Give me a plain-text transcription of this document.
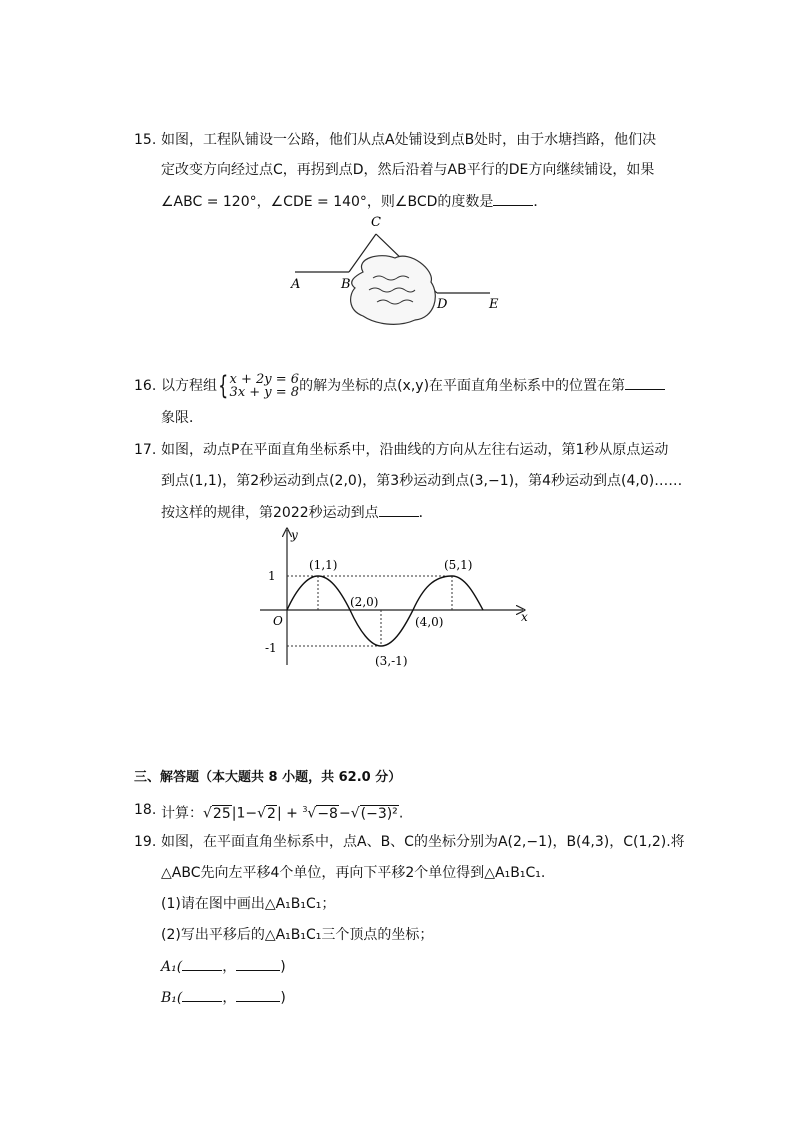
15. 如图，工程队铺设一公路，他们从点A处铺设到点B处时，由于水塘挡路，他们决
定改变方向经过点C，再拐到点D，然后沿着与AB平行的DE方向继续铺设，如果
∠ABC = 120°，∠CDE = 140°，则∠BCD的度数是	．
A	B
C
D	E
16. 以方程组{ x + 2y = 6
3x + y = 8 的解为坐标的点(x,y)在平面直角坐标系中的位置在第
象限．
17. 如图，动点P在平面直角坐标系中，沿曲线的方向从左往右运动，第1秒从原点运动
到点(1,1)，第2秒运动到点(2,0)，第3秒运动到点(3,−1)，第4秒运动到点(4,0)……
按这样的规律，第2022秒运动到点	．
y
x
O
1
-1
(1,1)
(2,0)
(3,-1)
(4,0)
(5,1)
三、解答题（本大题共 8 小题，共 62.0 分）
18. 计算：√25|1−√2| + $^3$√−8−√(−3)².
19. 如图，在平面直角坐标系中，点A、B、C的坐标分别为A(2,−1)，B(4,3)，C(1,2).将
△ABC先向左平移4个单位，再向下平移2个单位得到△A₁B₁C₁.
(1)请在图中画出△A₁B₁C₁；
(2)写出平移后的△A₁B₁C₁三个顶点的坐标；
A₁(	，	)
B₁(	，	)
